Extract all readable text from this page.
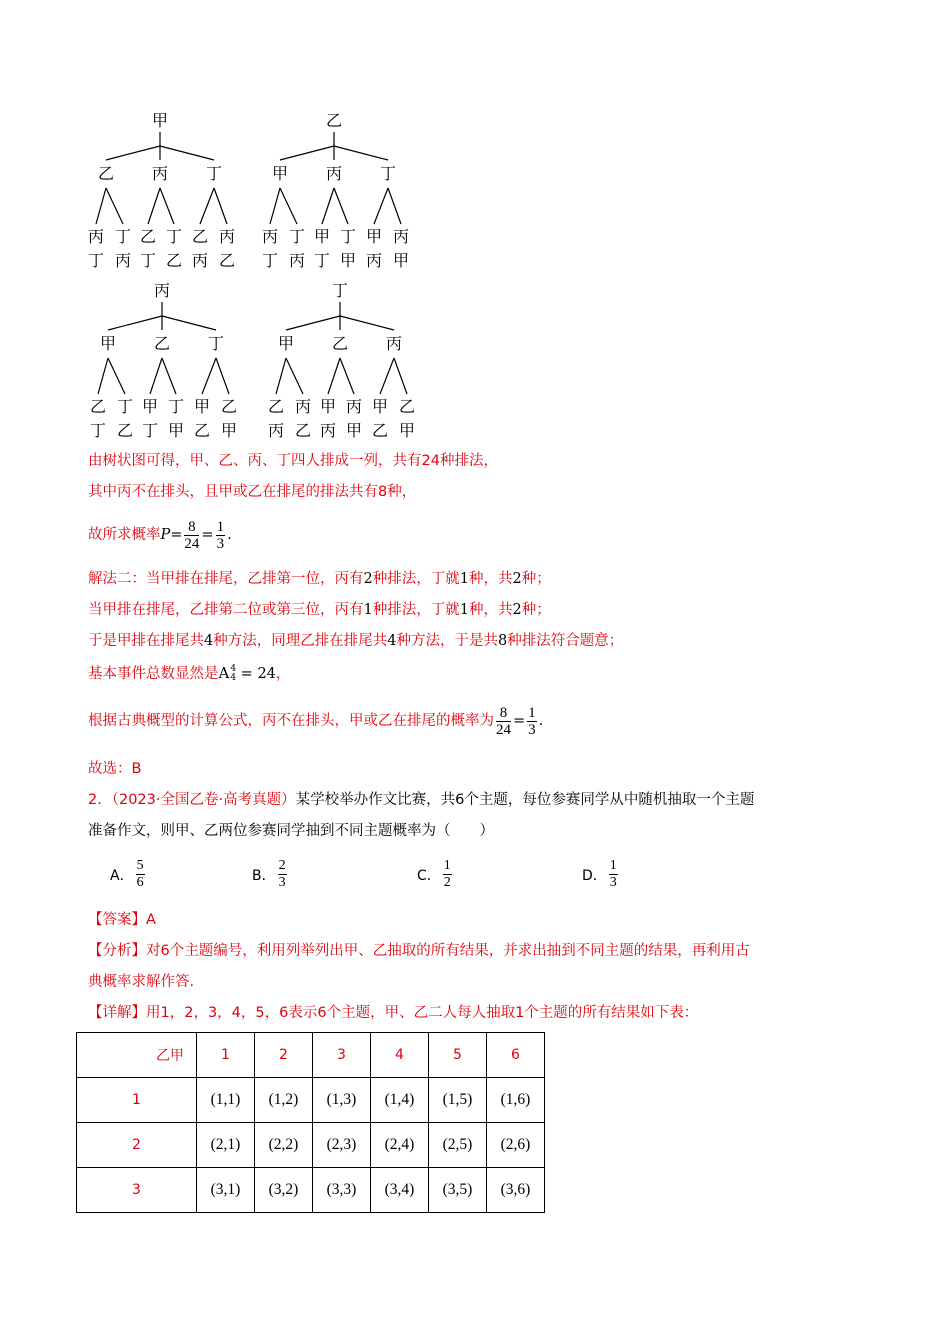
甲
乙
丙
丁
丁
丙
丙
乙
丁
丁
乙
丁
乙
丙
丙
乙
乙
甲
丙
丁
丁
丙
丙
甲
丁
丁
甲
丁
甲
丙
丙
甲
丙
甲
乙
丁
丁
乙
乙
甲
丁
丁
甲
丁
甲
乙
乙
甲
丁
甲
乙
丙
丙
乙
乙
甲
丙
丙
甲
丙
甲
乙
乙
甲
由树状图可得，甲、乙、丙、丁四人排成一列，共有24种排法，
其中丙不在排头，且甲或乙在排尾的排法共有8种，
故所求概率 $P = \frac{8}{24} = \frac{1}{3}$ .
解法二：当甲排在排尾，乙排第一位，丙有2种排法，丁就1种，共2种；
当甲排在排尾，乙排第二位或第三位，丙有1种排法，丁就1种，共2种；
于是甲排在排尾共4种方法，同理乙排在排尾共4种方法，于是共8种排法符合题意；
基本事件总数显然是A 4
4 = 24，
根据古典概型的计算公式，丙不在排头，甲或乙在排尾的概率为 $\frac{8}{24} = \frac{1}{3}$ .
故选：B
2．（2023·全国乙卷·高考真题）某学校举办作文比赛，共6个主题，每位参赛同学从中随机抽取一个主题
准备作文，则甲、乙两位参赛同学抽到不同主题概率为（　　）
A． $\frac{5}{6}$	B． $\frac{2}{3}$	C． $\frac{1}{2}$	D． $\frac{1}{3}$
【答案】A
【分析】对6个主题编号，利用列举列出甲、乙抽取的所有结果，并求出抽到不同主题的结果，再利用古
典概率求解作答.
【详解】用1，2，3，4，5，6表示6个主题，甲、乙二人每人抽取1个主题的所有结果如下表：
乙甲	1	2	3	4	5	6
1	(1,1)	(1,2)	(1,3)	(1,4)	(1,5)	(1,6)
2	(2,1)	(2,2)	(2,3)	(2,4)	(2,5)	(2,6)
3	(3,1)	(3,2)	(3,3)	(3,4)	(3,5)	(3,6)
